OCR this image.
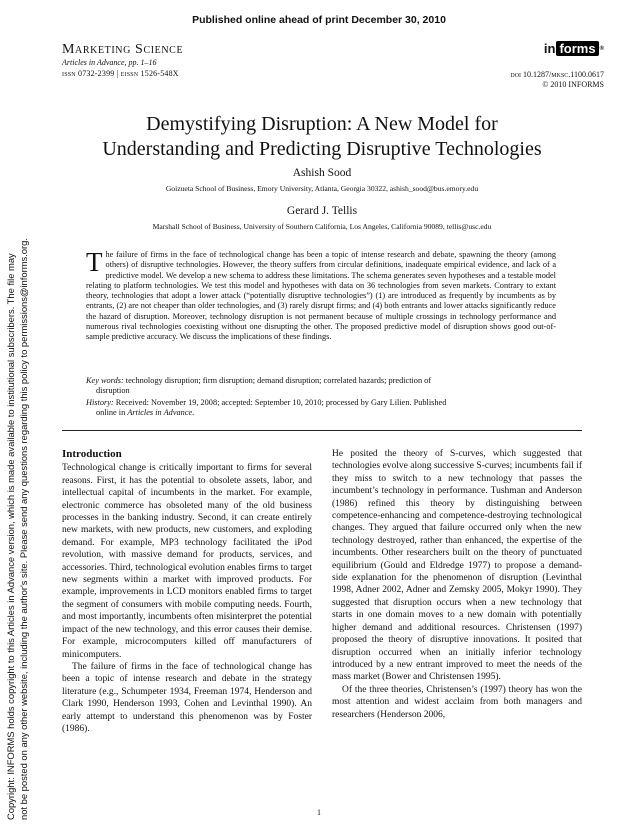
Published online ahead of print December 30, 2010
Copyright: INFORMS holds copyright to this Articles in Advance version, which is made available to institutional subscribers. The file may not be posted on any other website, including the author's site. Please send any questions regarding this policy to permissions@informs.org.
Marketing Science
Articles in Advance, pp. 1–16
issn 0732-2399 | eissn 1526-548X
in forms ®
doi 10.1287/mksc.1100.0617
© 2010 INFORMS
Demystifying Disruption: A New Model for
Understanding and Predicting Disruptive Technologies
Ashish Sood
Goizueta School of Business, Emory University, Atlanta, Georgia 30322, ashish_sood@bus.emory.edu
Gerard J. Tellis
Marshall School of Business, University of Southern California, Los Angeles, California 90089, tellis@usc.edu
The failure of firms in the face of technological change has been a topic of intense research and debate, spawning the theory (among others) of disruptive technologies. However, the theory suffers from circular definitions, inadequate empirical evidence, and lack of a predictive model. We develop a new schema to address these limitations. The schema generates seven hypotheses and a testable model relating to platform technologies. We test this model and hypotheses with data on 36 technologies from seven markets. Contrary to extant theory, technologies that adopt a lower attack (“potentially disruptive technologies”) (1) are introduced as frequently by incumbents as by entrants, (2) are not cheaper than older technologies, and (3) rarely disrupt firms; and (4) both entrants and lower attacks significantly reduce the hazard of disruption. Moreover, technology disruption is not permanent because of multiple crossings in technology performance and numerous rival technologies coexisting without one disrupting the other. The proposed predictive model of disruption shows good out-of-sample predictive accuracy. We discuss the implications of these findings.
Key words: technology disruption; firm disruption; demand disruption; correlated hazards; prediction of
disruption
History: Received: November 19, 2008; accepted: September 10, 2010; processed by Gary Lilien. Published
online in Articles in Advance.
Introduction

Technological change is critically important to firms for several reasons. First, it has the potential to obsolete assets, labor, and intellectual capital of incumbents in the market. For example, electronic commerce has obsoleted many of the old business processes in the banking industry. Second, it can create entirely new markets, with new products, new customers, and exploding demand. For example, MP3 technology facilitated the iPod revolution, with massive demand for products, services, and accessories. Third, technological evolution enables firms to target new segments within a market with improved products. For example, improvements in LCD monitors enabled firms to target the segment of consumers with mobile computing needs. Fourth, and most importantly, incumbents often misinterpret the potential impact of the new technology, and this error causes their demise. For example, microcomputers killed off manufacturers of minicomputers.

The failure of firms in the face of technological change has been a topic of intense research and debate in the strategy literature (e.g., Schumpeter 1934, Freeman 1974, Henderson and Clark 1990, Henderson 1993, Cohen and Levinthal 1990). An early attempt to understand this phenomenon was by Foster (1986).

He posited the theory of S-curves, which suggested that technologies evolve along successive S-curves; incumbents fail if they miss to switch to a new technology that passes the incumbent’s technology in performance. Tushman and Anderson (1986) refined this theory by distinguishing between competence-enhancing and competence-destroying technological changes. They argued that failure occurred only when the new technology destroyed, rather than enhanced, the expertise of the incumbents. Other researchers built on the theory of punctuated equilibrium (Gould and Eldredge 1977) to propose a demand-side explanation for the phenomenon of disruption (Levinthal 1998, Adner 2002, Adner and Zemsky 2005, Mokyr 1990). They suggested that disruption occurs when a new technology that starts in one domain moves to a new domain with potentially higher demand and additional resources. Christensen (1997) proposed the theory of disruptive innovations. It posited that disruption occurred when an initially inferior technology introduced by a new entrant improved to meet the needs of the mass market (Bower and Christensen 1995).

Of the three theories, Christensen’s (1997) theory has won the most attention and widest acclaim from both managers and researchers (Henderson 2006,

1
